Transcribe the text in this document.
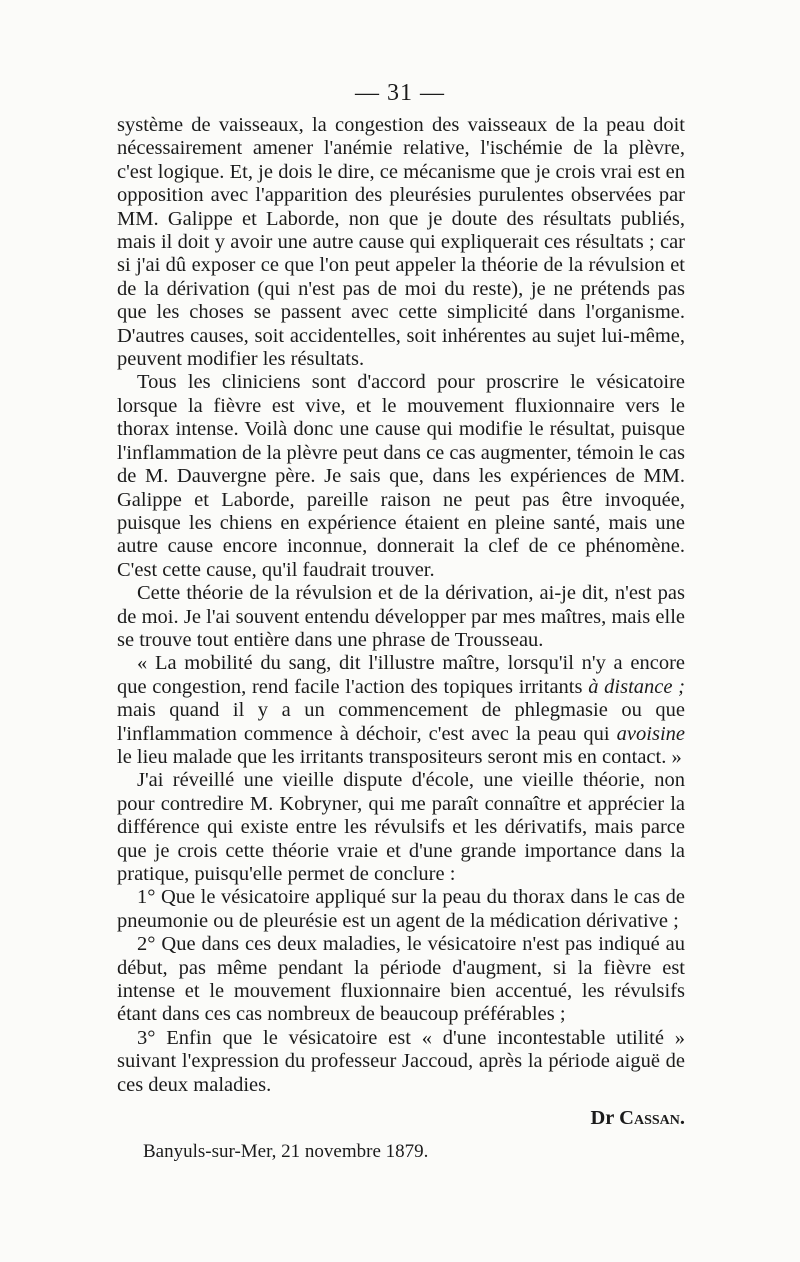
— 31 —

système de vaisseaux, la congestion des vaisseaux de la peau doit nécessairement amener l'anémie relative, l'ischémie de la plèvre, c'est logique. Et, je dois le dire, ce mécanisme que je crois vrai est en opposition avec l'apparition des pleurésies purulentes observées par MM. Galippe et Laborde, non que je doute des résultats publiés, mais il doit y avoir une autre cause qui expliquerait ces résultats ; car si j'ai dû exposer ce que l'on peut appeler la théorie de la révulsion et de la dérivation (qui n'est pas de moi du reste), je ne prétends pas que les choses se passent avec cette simplicité dans l'organisme. D'autres causes, soit accidentelles, soit inhérentes au sujet lui-même, peuvent modifier les résultats.

Tous les cliniciens sont d'accord pour proscrire le vésicatoire lorsque la fièvre est vive, et le mouvement fluxionnaire vers le thorax intense. Voilà donc une cause qui modifie le résultat, puisque l'inflammation de la plèvre peut dans ce cas augmenter, témoin le cas de M. Dauvergne père. Je sais que, dans les expériences de MM. Galippe et Laborde, pareille raison ne peut pas être invoquée, puisque les chiens en expérience étaient en pleine santé, mais une autre cause encore inconnue, donnerait la clef de ce phénomène. C'est cette cause, qu'il faudrait trouver.

Cette théorie de la révulsion et de la dérivation, ai-je dit, n'est pas de moi. Je l'ai souvent entendu développer par mes maîtres, mais elle se trouve tout entière dans une phrase de Trousseau.

« La mobilité du sang, dit l'illustre maître, lorsqu'il n'y a encore que congestion, rend facile l'action des topiques irritants à distance ; mais quand il y a un commencement de phlegmasie ou que l'inflammation commence à déchoir, c'est avec la peau qui avoisine le lieu malade que les irritants transpositeurs seront mis en contact. »

J'ai réveillé une vieille dispute d'école, une vieille théorie, non pour contredire M. Kobryner, qui me paraît connaître et apprécier la différence qui existe entre les révulsifs et les dérivatifs, mais parce que je crois cette théorie vraie et d'une grande importance dans la pratique, puisqu'elle permet de conclure :

1° Que le vésicatoire appliqué sur la peau du thorax dans le cas de pneumonie ou de pleurésie est un agent de la médication dérivative ;

2° Que dans ces deux maladies, le vésicatoire n'est pas indiqué au début, pas même pendant la période d'augment, si la fièvre est intense et le mouvement fluxionnaire bien accentué, les révulsifs étant dans ces cas nombreux de beaucoup préférables ;

3° Enfin que le vésicatoire est « d'une incontestable utilité » suivant l'expression du professeur Jaccoud, après la période aiguë de ces deux maladies.

Dr Cassan.
Banyuls-sur-Mer, 21 novembre 1879.
